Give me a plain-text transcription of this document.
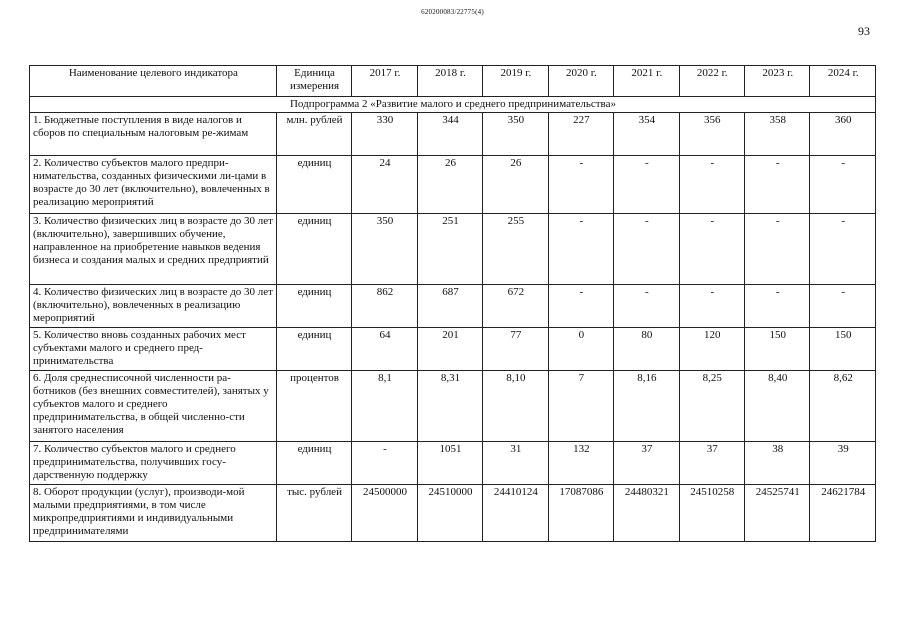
620200083/22775(4)
93
Наименование целевого индикатора	Единица измерения	2017 г.	2018 г.	2019 г.	2020 г.	2021 г.	2022 г.	2023 г.	2024 г.
Подпрограмма 2 «Развитие малого и среднего предпринимательства»									
1. Бюджетные поступления в виде налогов и сборов по специальным налоговым ре-жимам	млн. рублей	330	344	350	227	354	356	358	360
2. Количество субъектов малого предпри-нимательства, созданных физическими ли-цами в возрасте до 30 лет (включительно), вовлеченных в реализацию мероприятий	единиц	24	26	26	-	-	-	-	-
3. Количество физических лиц в возрасте до 30 лет (включительно), завершивших обучение, направленное на приобретение навыков ведения бизнеса и создания малых и средних предприятий	единиц	350	251	255	-	-	-	-	-
4. Количество физических лиц в возрасте до 30 лет (включительно), вовлеченных в реализацию мероприятий	единиц	862	687	672	-	-	-	-	-
5. Количество вновь созданных рабочих мест субъектами малого и среднего пред-принимательства	единиц	64	201	77	0	80	120	150	150
6. Доля среднесписочной численности ра-ботников (без внешних совместителей), занятых у субъектов малого и среднего предпринимательства, в общей численно-сти занятого населения	процентов	8,1	8,31	8,10	7	8,16	8,25	8,40	8,62
7. Количество субъектов малого и среднего предпринимательства, получивших госу-дарственную поддержку	единиц	-	1051	31	132	37	37	38	39
8. Оборот продукции (услуг), производи-мой малыми предприятиями, в том числе микропредприятиями и индивидуальными предпринимателями	тыс. рублей	24500000	24510000	24410124	17087086	24480321	24510258	24525741	24621784
